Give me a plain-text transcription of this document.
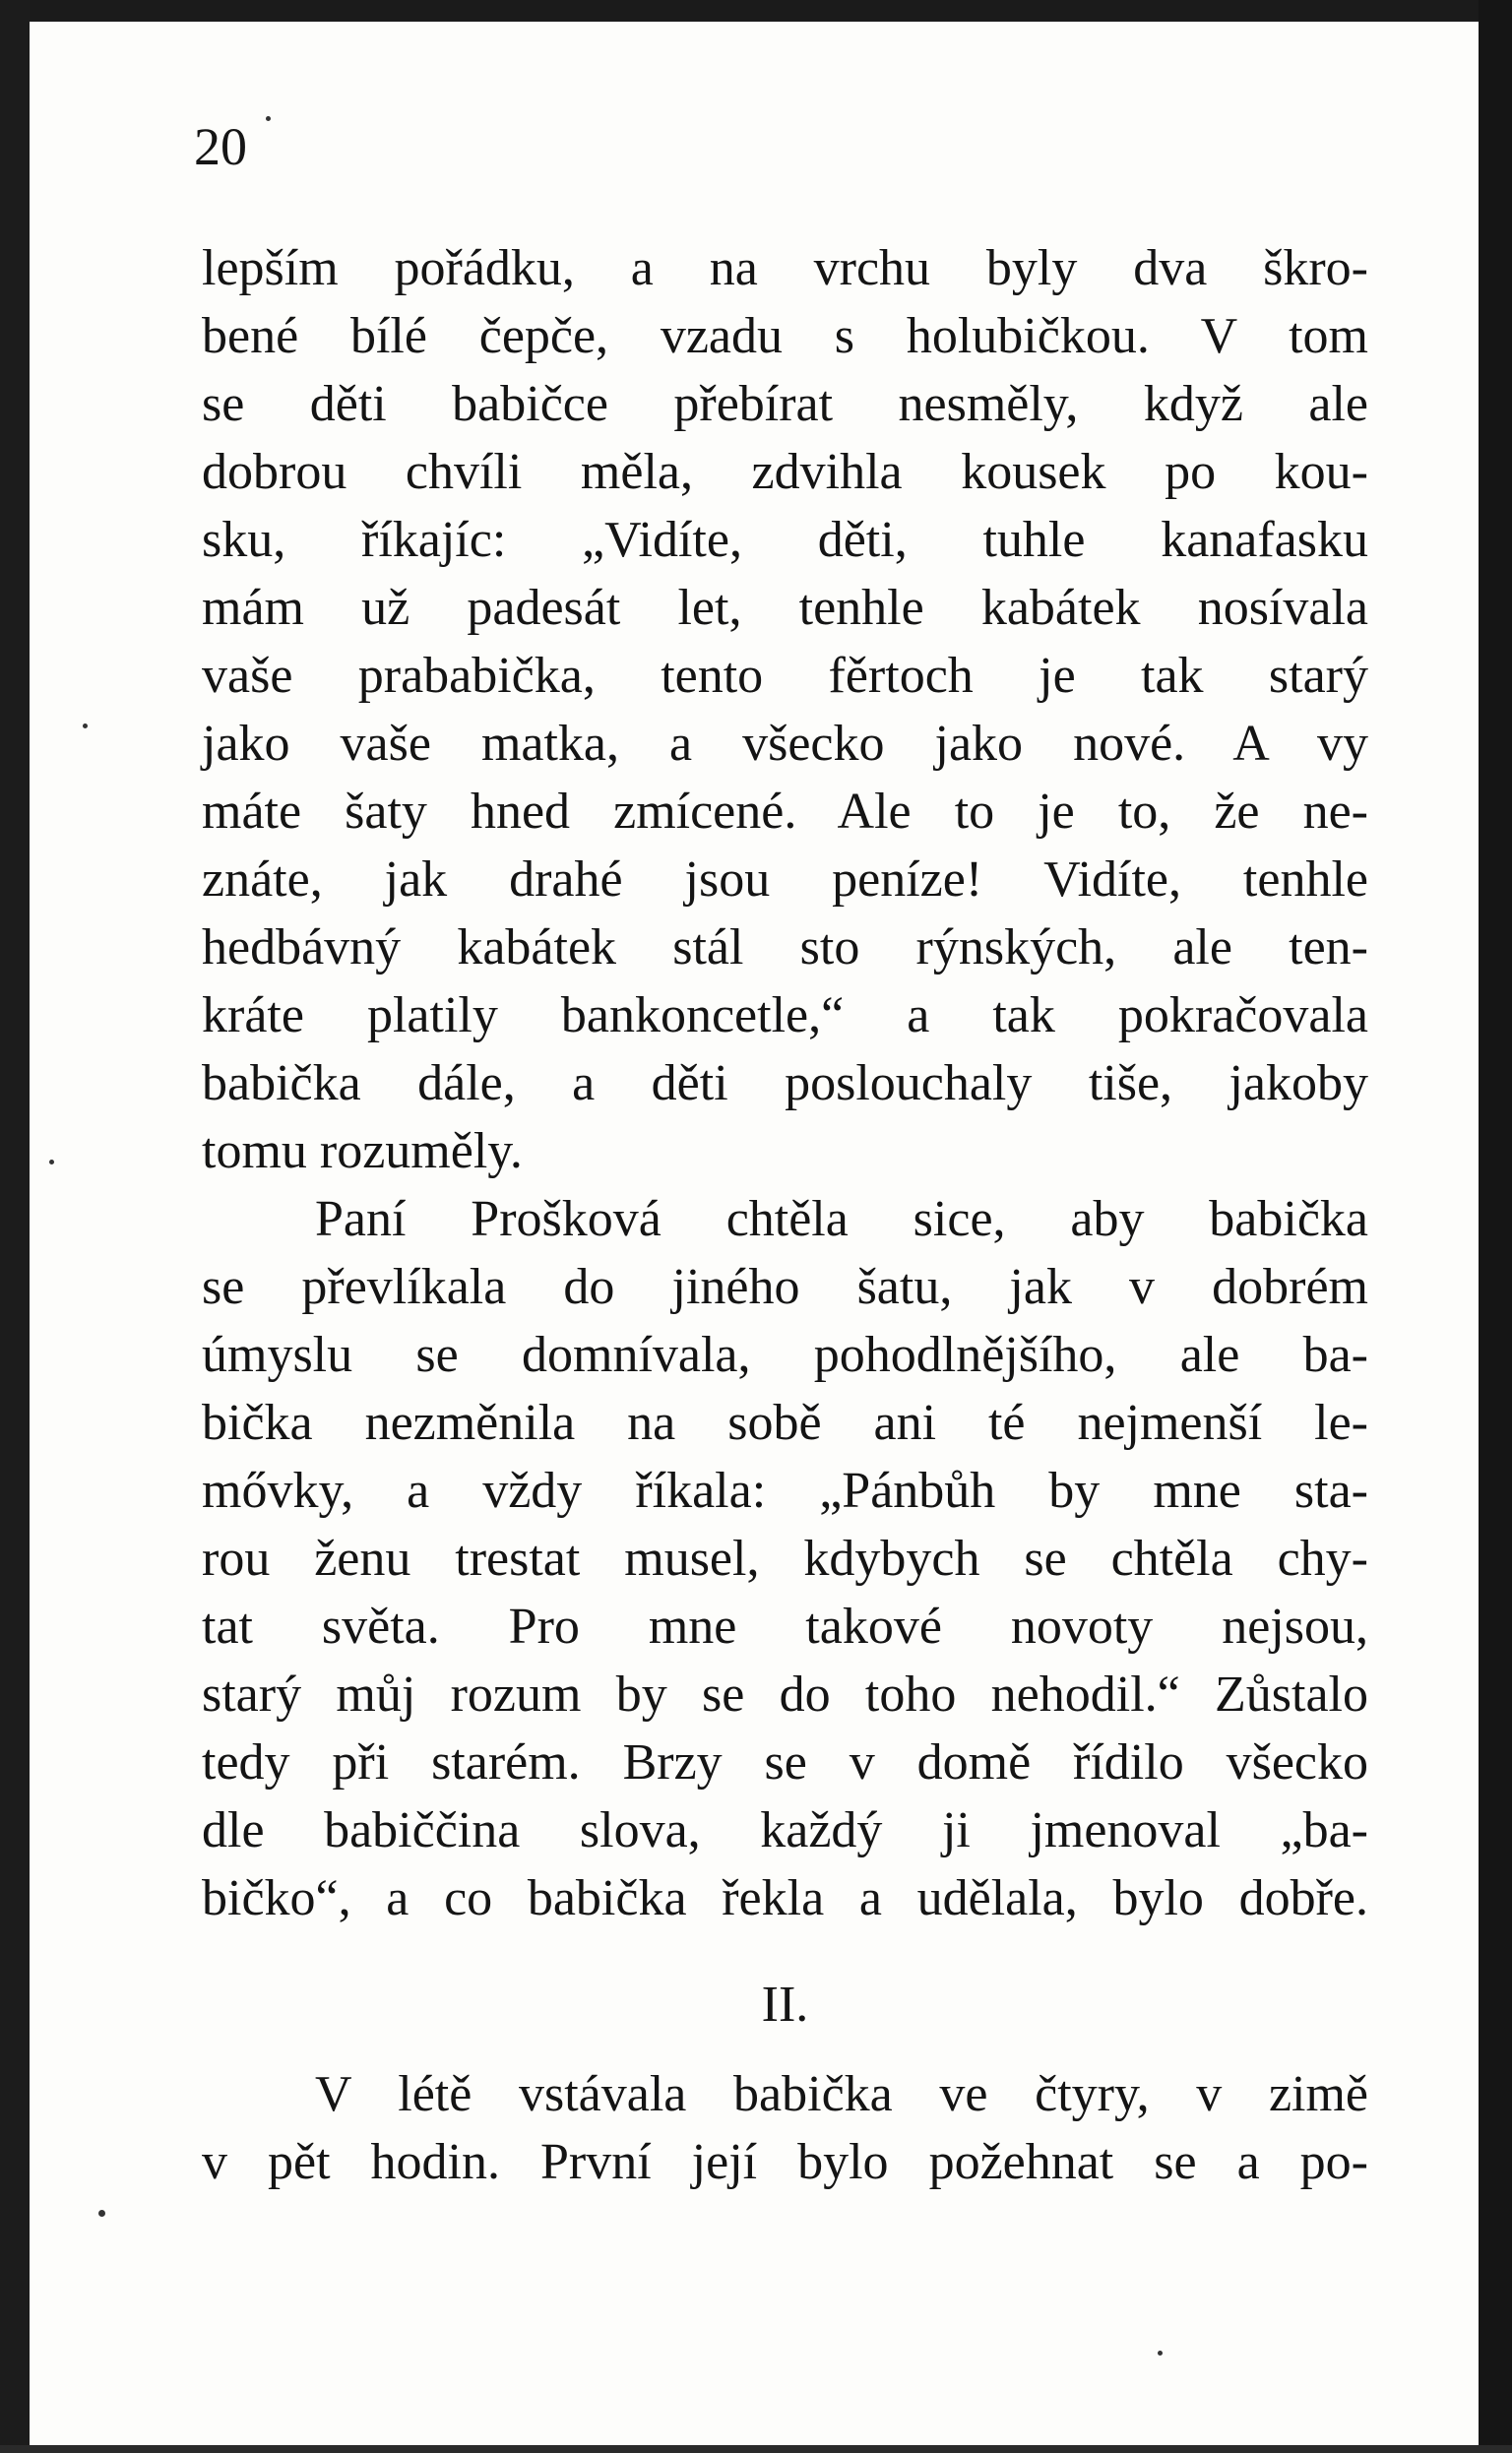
20
lepším pořádku, a na vrchu byly dva škro-
bené bílé čepče, vzadu s holubičkou. V tom
se děti babičce přebírat nesměly, když ale
dobrou chvíli měla, zdvihla kousek po kou-
sku, říkajíc: „Vidíte, děti, tuhle kanafasku
mám už padesát let, tenhle kabátek nosívala
vaše prababička, tento fěrtoch je tak starý
jako vaše matka, a všecko jako nové. A vy
máte šaty hned zmícené. Ale to je to, že ne-
znáte, jak drahé jsou peníze! Vidíte, tenhle
hedbávný kabátek stál sto rýnských, ale ten-
kráte platily bankoncetle,“ a tak pokračovala
babička dále, a děti poslouchaly tiše, jakoby
tomu rozuměly.
Paní Prošková chtěla sice, aby babička
se převlíkala do jiného šatu, jak v dobrém
úmyslu se domnívala, pohodlnějšího, ale ba-
bička nezměnila na sobě ani té nejmenší le-
mővky, a vždy říkala: „Pánbůh by mne sta-
rou ženu trestat musel, kdybych se chtěla chy-
tat světa. Pro mne takové novoty nejsou,
starý můj rozum by se do toho nehodil.“ Zůstalo
tedy při starém. Brzy se v domě řídilo všecko
dle babiččina slova, každý ji jmenoval „ba-
bičko“, a co babička řekla a udělala, bylo dobře.
II.
V létě vstávala babička ve čtyry, v zimě
v pět hodin. První její bylo požehnat se a po-
